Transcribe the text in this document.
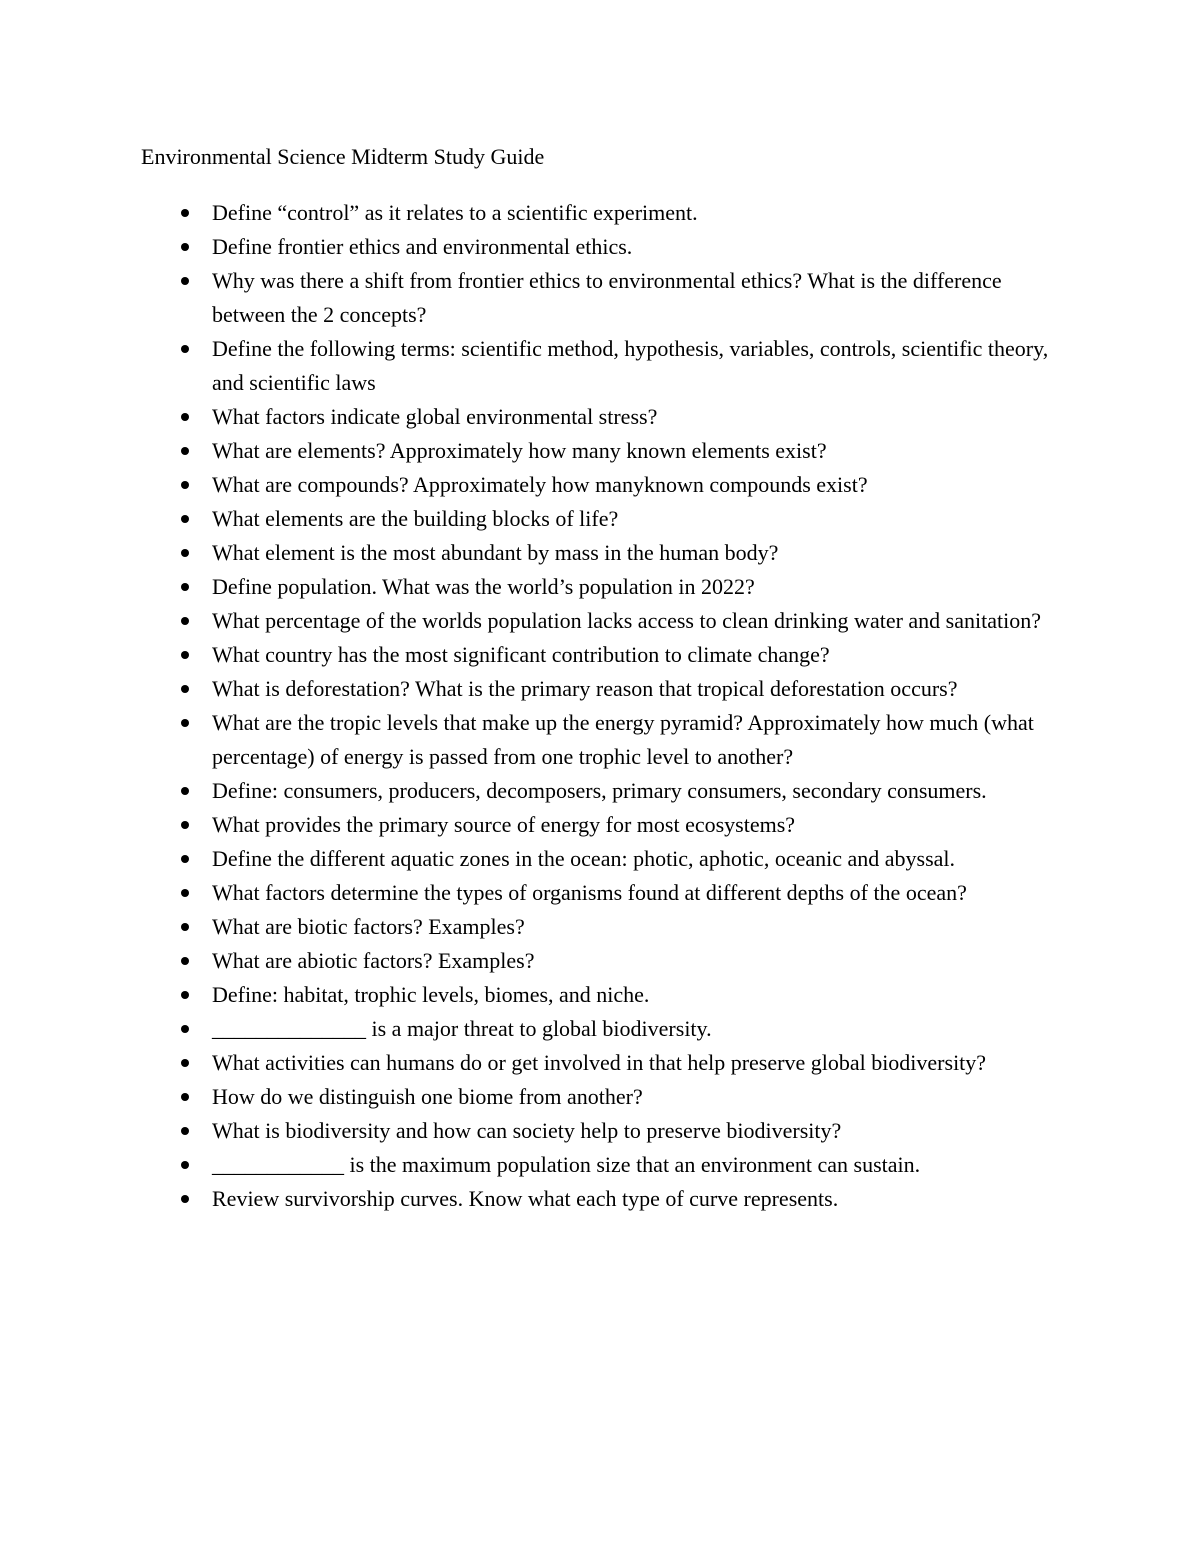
Environmental Science Midterm Study Guide
Define “control” as it relates to a scientific experiment.
Define frontier ethics and environmental ethics.
Why was there a shift from frontier ethics to environmental ethics? What is the difference between the 2 concepts?
Define the following terms: scientific method, hypothesis, variables, controls, scientific theory, and scientific laws
What factors indicate global environmental stress?
What are elements? Approximately how many known elements exist?
What are compounds? Approximately how manyknown compounds exist?
What elements are the building blocks of life?
What element is the most abundant by mass in the human body?
Define population. What was the world’s population in 2022?
What percentage of the worlds population lacks access to clean drinking water and sanitation?
What country has the most significant contribution to climate change?
What is deforestation? What is the primary reason that tropical deforestation occurs?
What are the tropic levels that make up the energy pyramid? Approximately how much (what percentage) of energy is passed from one trophic level to another?
Define: consumers, producers, decomposers, primary consumers, secondary consumers.
What provides the primary source of energy for most ecosystems?
Define the different aquatic zones in the ocean: photic, aphotic, oceanic and abyssal.
What factors determine the types of organisms found at different depths of the ocean?
What are biotic factors? Examples?
What are abiotic factors? Examples?
Define: habitat, trophic levels, biomes, and niche.
______________ is a major threat to global biodiversity.
What activities can humans do or get involved in that help preserve global biodiversity?
How do we distinguish one biome from another?
What is biodiversity and how can society help to preserve biodiversity?
____________ is the maximum population size that an environment can sustain.
Review survivorship curves. Know what each type of curve represents.
